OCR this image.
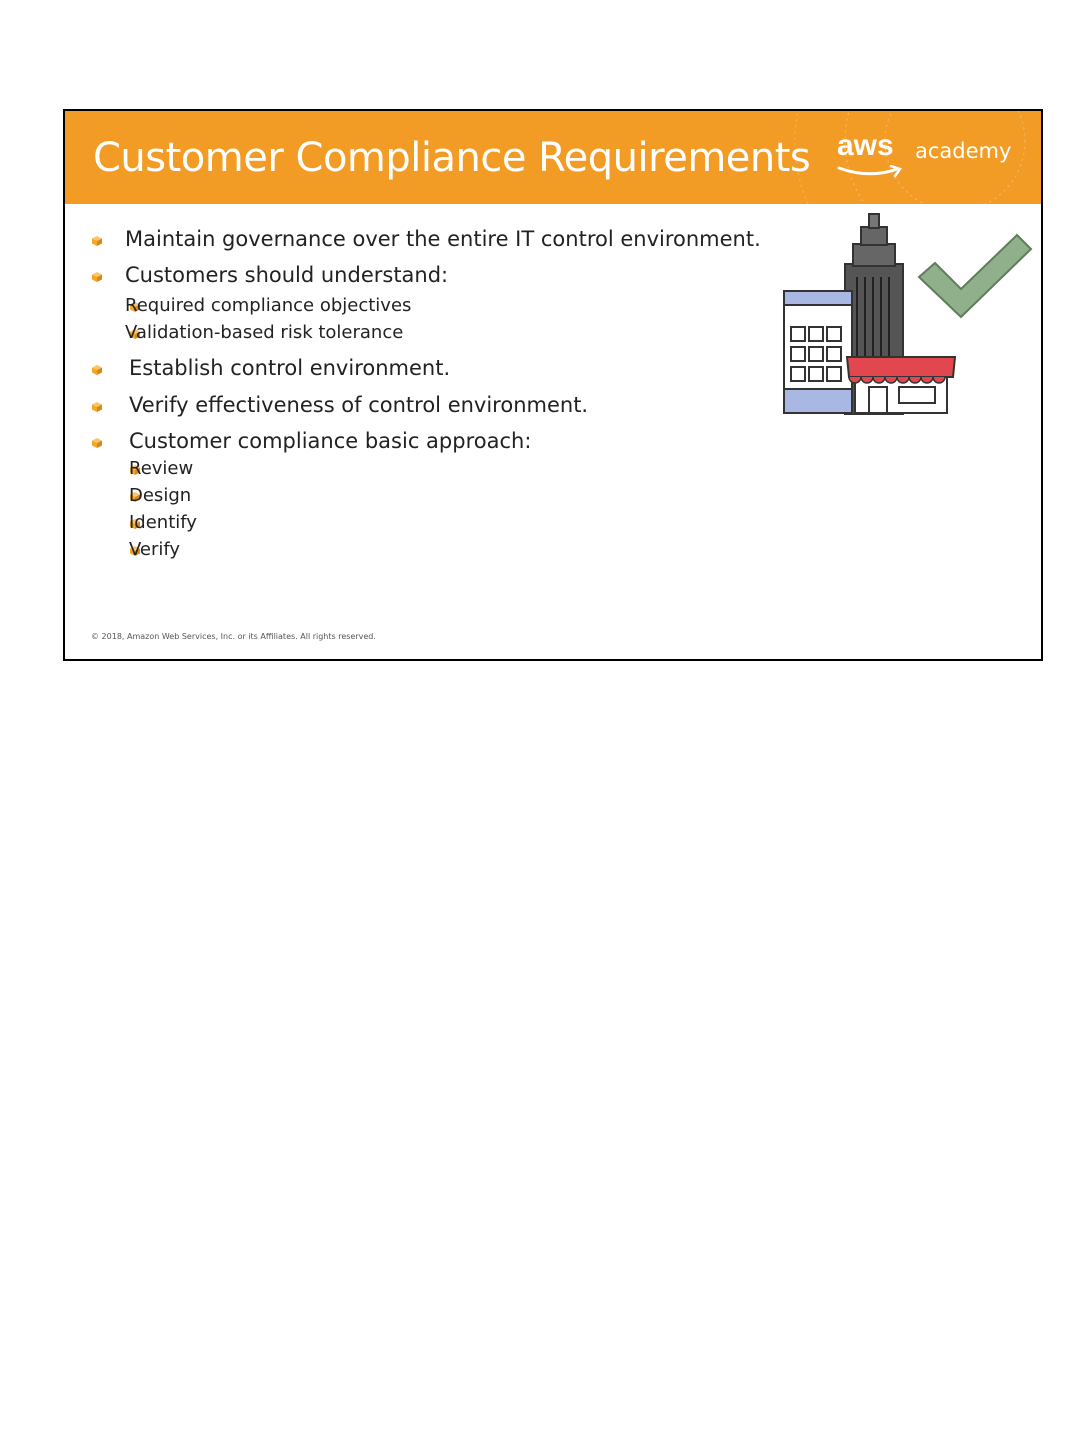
Customer Compliance Requirements aws academy
Maintain governance over the entire IT control environment.
Customers should understand:
Required compliance objectives
Validation-based risk tolerance
Establish control environment.
Verify effectiveness of control environment.
Customer compliance basic approach:
Review
Design
Identify
Verify
© 2018, Amazon Web Services, Inc. or its Affiliates. All rights reserved.
